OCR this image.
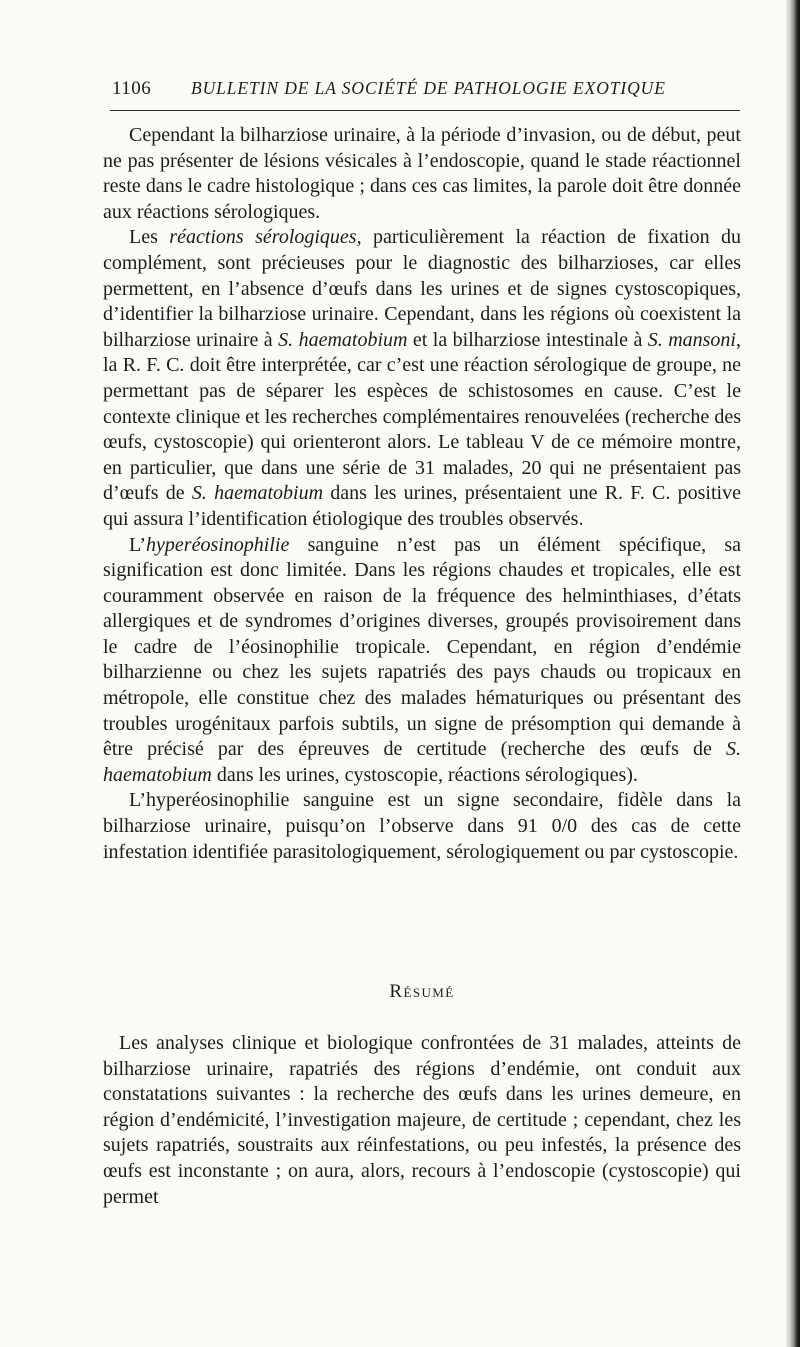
1106 BULLETIN DE LA SOCIÉTÉ DE PATHOLOGIE EXOTIQUE

Cependant la bilharziose urinaire, à la période d’invasion, ou de début, peut ne pas présenter de lésions vésicales à l’endoscopie, quand le stade réactionnel reste dans le cadre histologique ; dans ces cas limites, la parole doit être donnée aux réactions sérologiques.

Les réactions sérologiques, particulièrement la réaction de fixation du complément, sont précieuses pour le diagnostic des bilharzioses, car elles permettent, en l’absence d’œufs dans les urines et de signes cystoscopiques, d’identifier la bilharziose urinaire. Cependant, dans les régions où coexistent la bilharziose urinaire à S. haematobium et la bilharziose intestinale à S. mansoni, la R. F. C. doit être interprétée, car c’est une réaction sérologique de groupe, ne permettant pas de séparer les espèces de schistosomes en cause. C’est le contexte clinique et les recherches complémentaires renouvelées (recherche des œufs, cystoscopie) qui orienteront alors. Le tableau V de ce mémoire montre, en particulier, que dans une série de 31 malades, 20 qui ne présentaient pas d’œufs de S. haematobium dans les urines, présentaient une R. F. C. positive qui assura l’identification étiologique des troubles observés.

L’hyperéosinophilie sanguine n’est pas un élément spécifique, sa signification est donc limitée. Dans les régions chaudes et tropicales, elle est couramment observée en raison de la fréquence des helminthiases, d’états allergiques et de syndromes d’origines diverses, groupés provisoirement dans le cadre de l’éosinophilie tropicale. Cependant, en région d’endémie bilharzienne ou chez les sujets rapatriés des pays chauds ou tropicaux en métropole, elle constitue chez des malades hématuriques ou présentant des troubles urogénitaux parfois subtils, un signe de présomption qui demande à être précisé par des épreuves de certitude (recherche des œufs de S. haematobium dans les urines, cystoscopie, réactions sérologiques).

L’hyperéosinophilie sanguine est un signe secondaire, fidèle dans la bilharziose urinaire, puisqu’on l’observe dans 91 0/0 des cas de cette infestation identifiée parasitologiquement, sérologiquement ou par cystoscopie.

Résumé

Les analyses clinique et biologique confrontées de 31 malades, atteints de bilharziose urinaire, rapatriés des régions d’endémie, ont conduit aux constatations suivantes : la recherche des œufs dans les urines demeure, en région d’endémicité, l’investigation majeure, de certitude ; cependant, chez les sujets rapatriés, soustraits aux réinfestations, ou peu infestés, la présence des œufs est inconstante ; on aura, alors, recours à l’endoscopie (cystoscopie) qui permet
